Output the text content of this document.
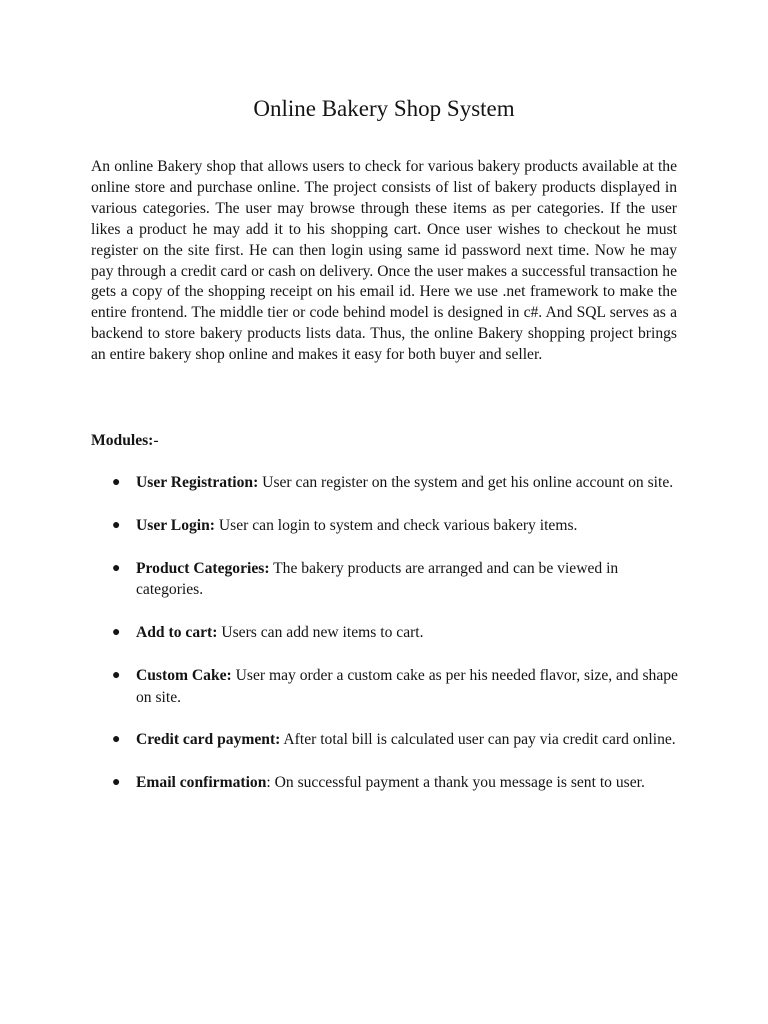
Online Bakery Shop System

An online Bakery shop that allows users to check for various bakery products available at the online store and purchase online. The project consists of list of bakery products displayed in various categories. The user may browse through these items as per categories. If the user likes a product he may add it to his shopping cart. Once user wishes to checkout he must register on the site first. He can then login using same id password next time. Now he may pay through a credit card or cash on delivery. Once the user makes a successful transaction he gets a copy of the shopping receipt on his email id. Here we use .net framework to make the entire frontend. The middle tier or code behind model is designed in c#. And SQL serves as a backend to store bakery products lists data. Thus, the online Bakery shopping project brings an entire bakery shop online and makes it easy for both buyer and seller.

Modules:-

● User Registration: User can register on the system and get his online account on site.
● User Login: User can login to system and check various bakery items.
● Product Categories: The bakery products are arranged and can be viewed in categories.
● Add to cart: Users can add new items to cart.
● Custom Cake: User may order a custom cake as per his needed flavor, size, and shape on site.
● Credit card payment: After total bill is calculated user can pay via credit card online.
● Email confirmation: On successful payment a thank you message is sent to user.
